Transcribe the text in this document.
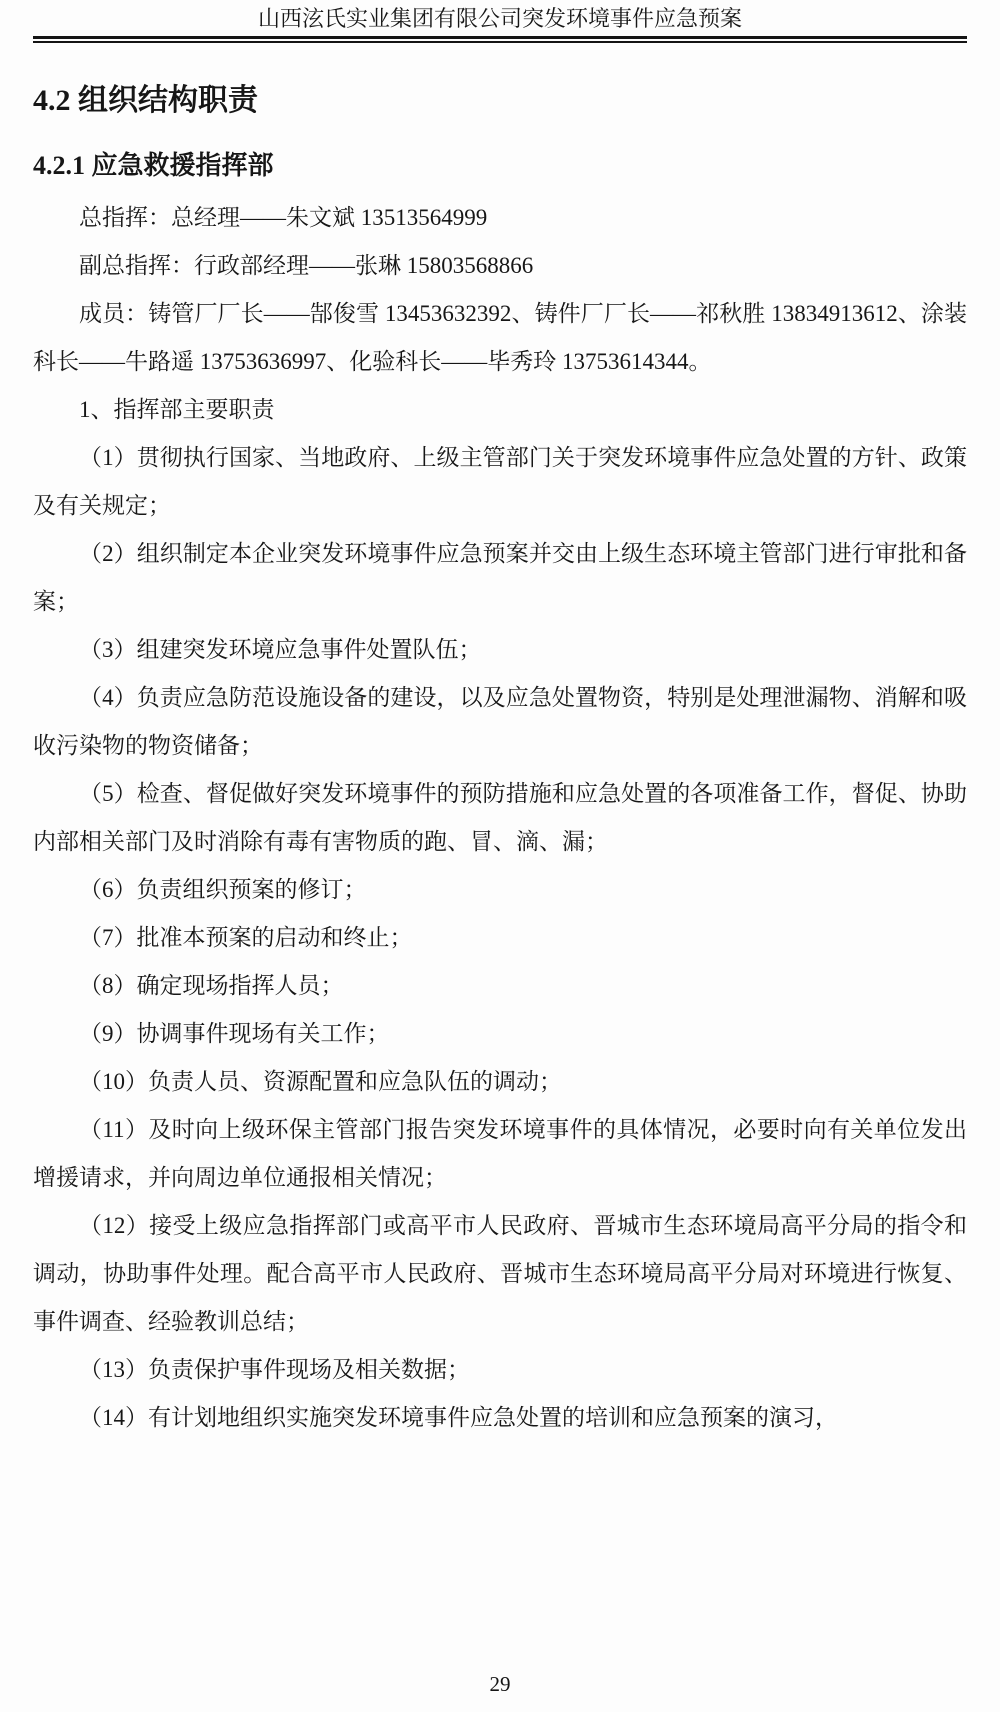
山西泫氏实业集团有限公司突发环境事件应急预案
4.2 组织结构职责
4.2.1 应急救援指挥部

总指挥：总经理——朱文斌 13513564999

副总指挥：行政部经理——张琳 15803568866

成员：铸管厂厂长——郜俊雪 13453632392、铸件厂厂长——祁秋胜 13834913612、涂装科长——牛路遥 13753636997、化验科长——毕秀玲 13753614344。

1、指挥部主要职责

（1）贯彻执行国家、当地政府、上级主管部门关于突发环境事件应急处置的方针、政策及有关规定；

（2）组织制定本企业突发环境事件应急预案并交由上级生态环境主管部门进行审批和备案；

（3）组建突发环境应急事件处置队伍；

（4）负责应急防范设施设备的建设，以及应急处置物资，特别是处理泄漏物、消解和吸收污染物的物资储备；

（5）检查、督促做好突发环境事件的预防措施和应急处置的各项准备工作，督促、协助内部相关部门及时消除有毒有害物质的跑、冒、滴、漏；

（6）负责组织预案的修订；

（7）批准本预案的启动和终止；

（8）确定现场指挥人员；

（9）协调事件现场有关工作；

（10）负责人员、资源配置和应急队伍的调动；

（11）及时向上级环保主管部门报告突发环境事件的具体情况，必要时向有关单位发出增援请求，并向周边单位通报相关情况；

（12）接受上级应急指挥部门或高平市人民政府、晋城市生态环境局高平分局的指令和调动，协助事件处理。配合高平市人民政府、晋城市生态环境局高平分局对环境进行恢复、事件调查、经验教训总结；

（13）负责保护事件现场及相关数据；

（14）有计划地组织实施突发环境事件应急处置的培训和应急预案的演习，

29
